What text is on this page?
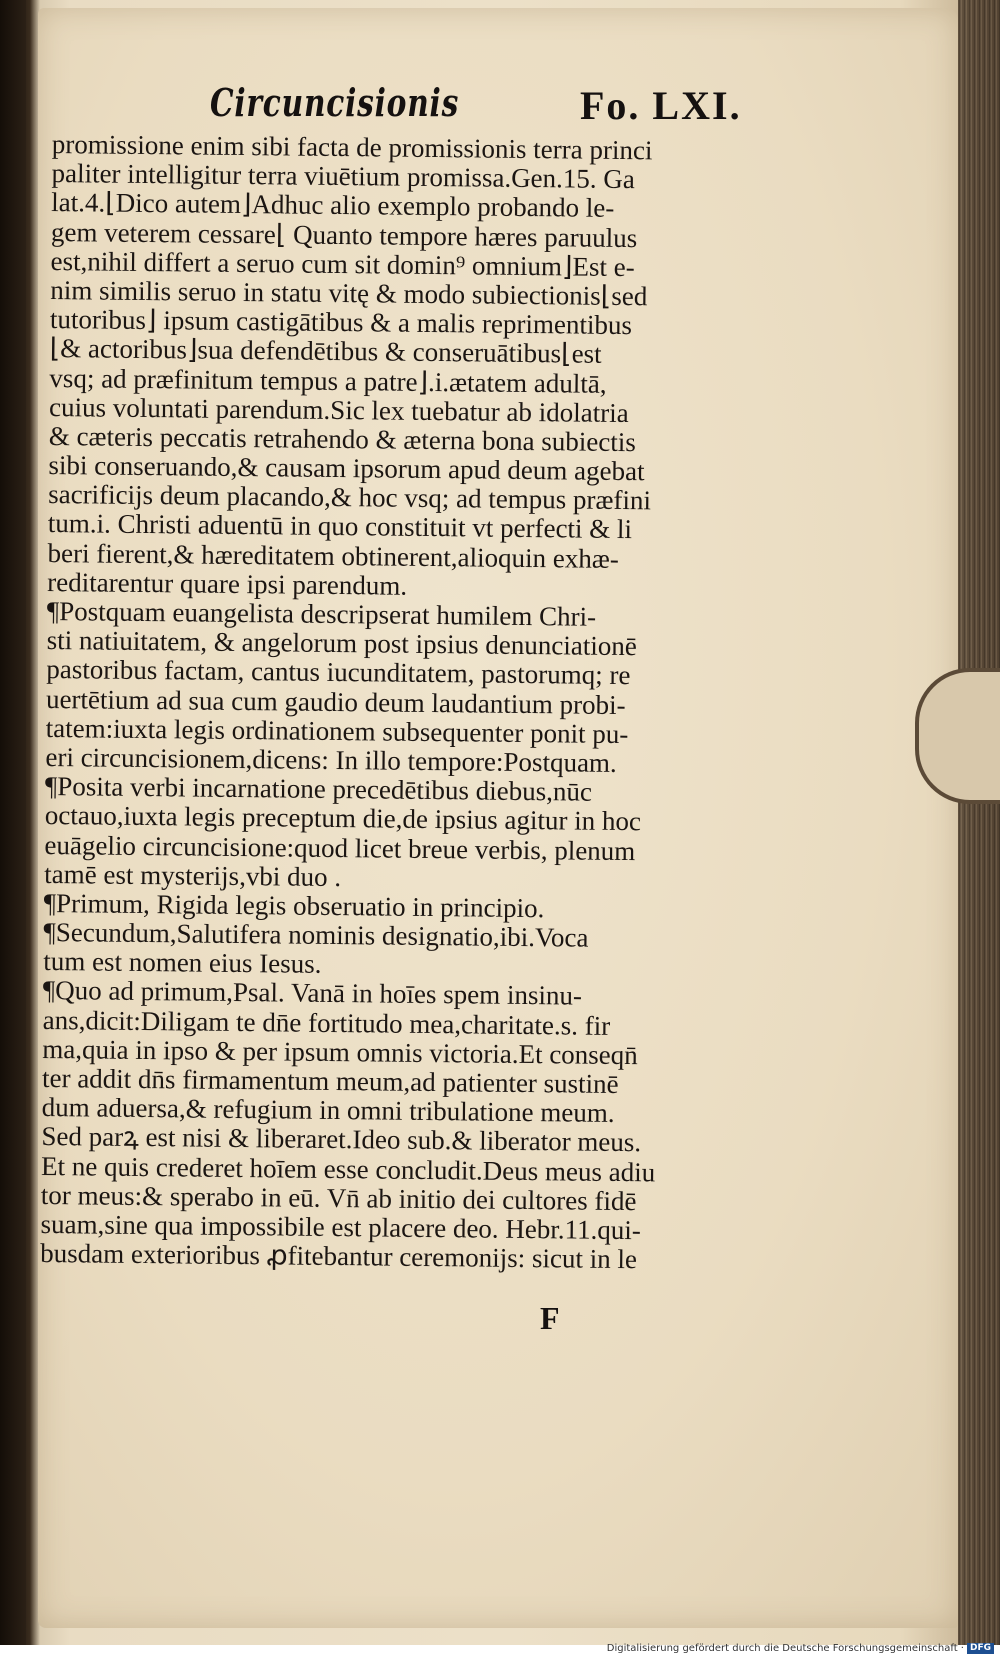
Circuncisionis	Fo. LXI.
promissione enim sibi facta de promissionis terra princi
paliter intelligitur terra viuētium promissa.Gen.15. Ga
lat.4.⌊Dico autem⌋Adhuc alio exemplo probando le-
gem veterem cessare⌊ Quanto tempore hæres paruulus
est,nihil differt a seruo cum sit domin⁹ omnium⌋Est e-
nim similis seruo in statu vitę & modo subiectionis⌊sed
tutoribus⌋ ipsum castigātibus & a malis reprimentibus
⌊& actoribus⌋sua defendētibus & conseruātibus⌊est
vsq; ad præfinitum tempus a patre⌋.i.ætatem adultā,
cuius voluntati parendum.Sic lex tuebatur ab idolatria
& cæteris peccatis retrahendo & æterna bona subiectis
sibi conseruando,& causam ipsorum apud deum agebat
sacrificijs deum placando,& hoc vsq; ad tempus præfini
tum.i. Christi aduentū in quo constituit vt perfecti & li
beri fierent,& hæreditatem obtinerent,alioquin exhæ-
reditarentur quare ipsi parendum.
¶Postquam euangelista descripserat humilem Chri-
sti natiuitatem, & angelorum post ipsius denunciationē
pastoribus factam, cantus iucunditatem, pastorumq; re
uertētium ad sua cum gaudio deum laudantium probi-
tatem:iuxta legis ordinationem subsequenter ponit pu-
eri circuncisionem,dicens: In illo tempore:Postquam.
¶Posita verbi incarnatione precedētibus diebus,nūc
octauo,iuxta legis preceptum die,de ipsius agitur in hoc
euāgelio circuncisione:quod licet breue verbis, plenum
tamē est mysterijs,vbi duo .
¶Primum, Rigida legis obseruatio in principio.
¶Secundum,Salutifera nominis designatio,ibi.Voca
tum est nomen eius Iesus.
¶Quo ad primum,Psal. Vanā in hoīes spem insinu-
ans,dicit:Diligam te dn̄e fortitudo mea,charitate.s. fir
ma,quia in ipso & per ipsum omnis victoria.Et conseqn̄
ter addit dn̄s firmamentum meum,ad patienter sustinē
dum aduersa,& refugium in omni tribulatione meum.
Sed parꝝ est nisi & liberaret.Ideo sub.& liberator meus.
Et ne quis crederet hoīem esse concludit.Deus meus adiu
tor meus:& sperabo in eū. Vn̄ ab initio dei cultores fidē
suam,sine qua impossibile est placere deo. Hebr.11.qui-
busdam exterioribus ꝓfitebantur ceremonijs: sicut in le
F
Digitalisierung gefördert durch die Deutsche Forschungsgemeinschaft · DFG
